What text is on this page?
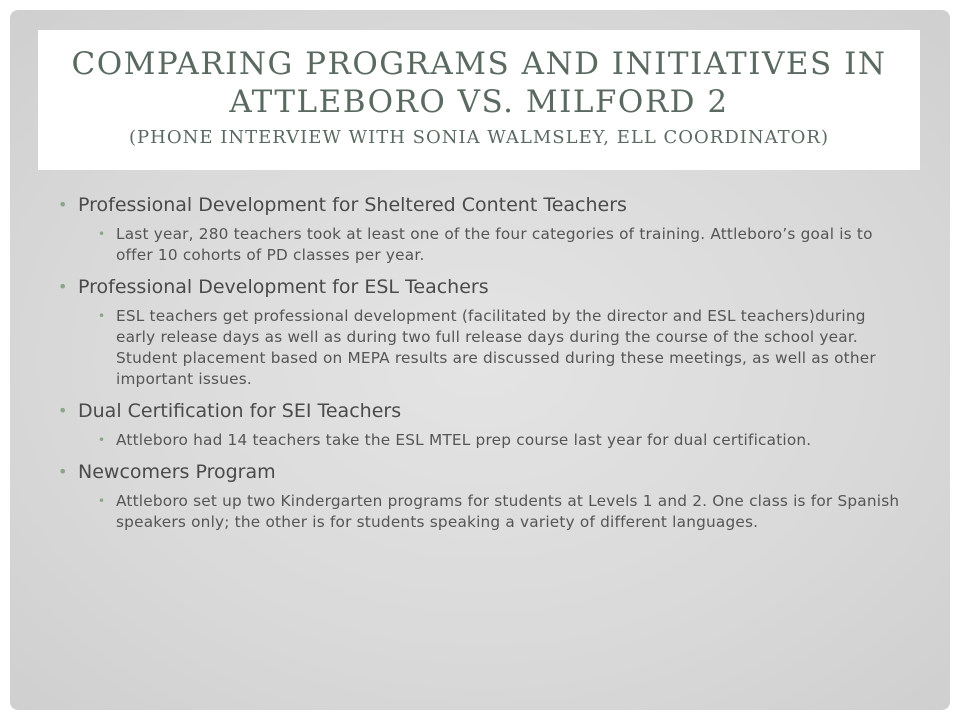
COMPARING PROGRAMS AND INITIATIVES IN
ATTLEBORO VS. MILFORD 2
(PHONE INTERVIEW WITH SONIA WALMSLEY, ELL COORDINATOR)
• Professional Development for Sheltered Content Teachers
• Last year, 280 teachers took at least one of the four categories of training. Attleboro’s goal is to offer 10 cohorts of PD classes per year.
• Professional Development for ESL Teachers
• ESL teachers get professional development (facilitated by the director and ESL teachers)during early release days as well as during two full release days during the course of the school year. Student placement based on MEPA results are discussed during these meetings, as well as other important issues.
• Dual Certification for SEI Teachers
• Attleboro had 14 teachers take the ESL MTEL prep course last year for dual certification.
• Newcomers Program
• Attleboro set up two Kindergarten programs for students at Levels 1 and 2. One class is for Spanish speakers only; the other is for students speaking a variety of different languages.
